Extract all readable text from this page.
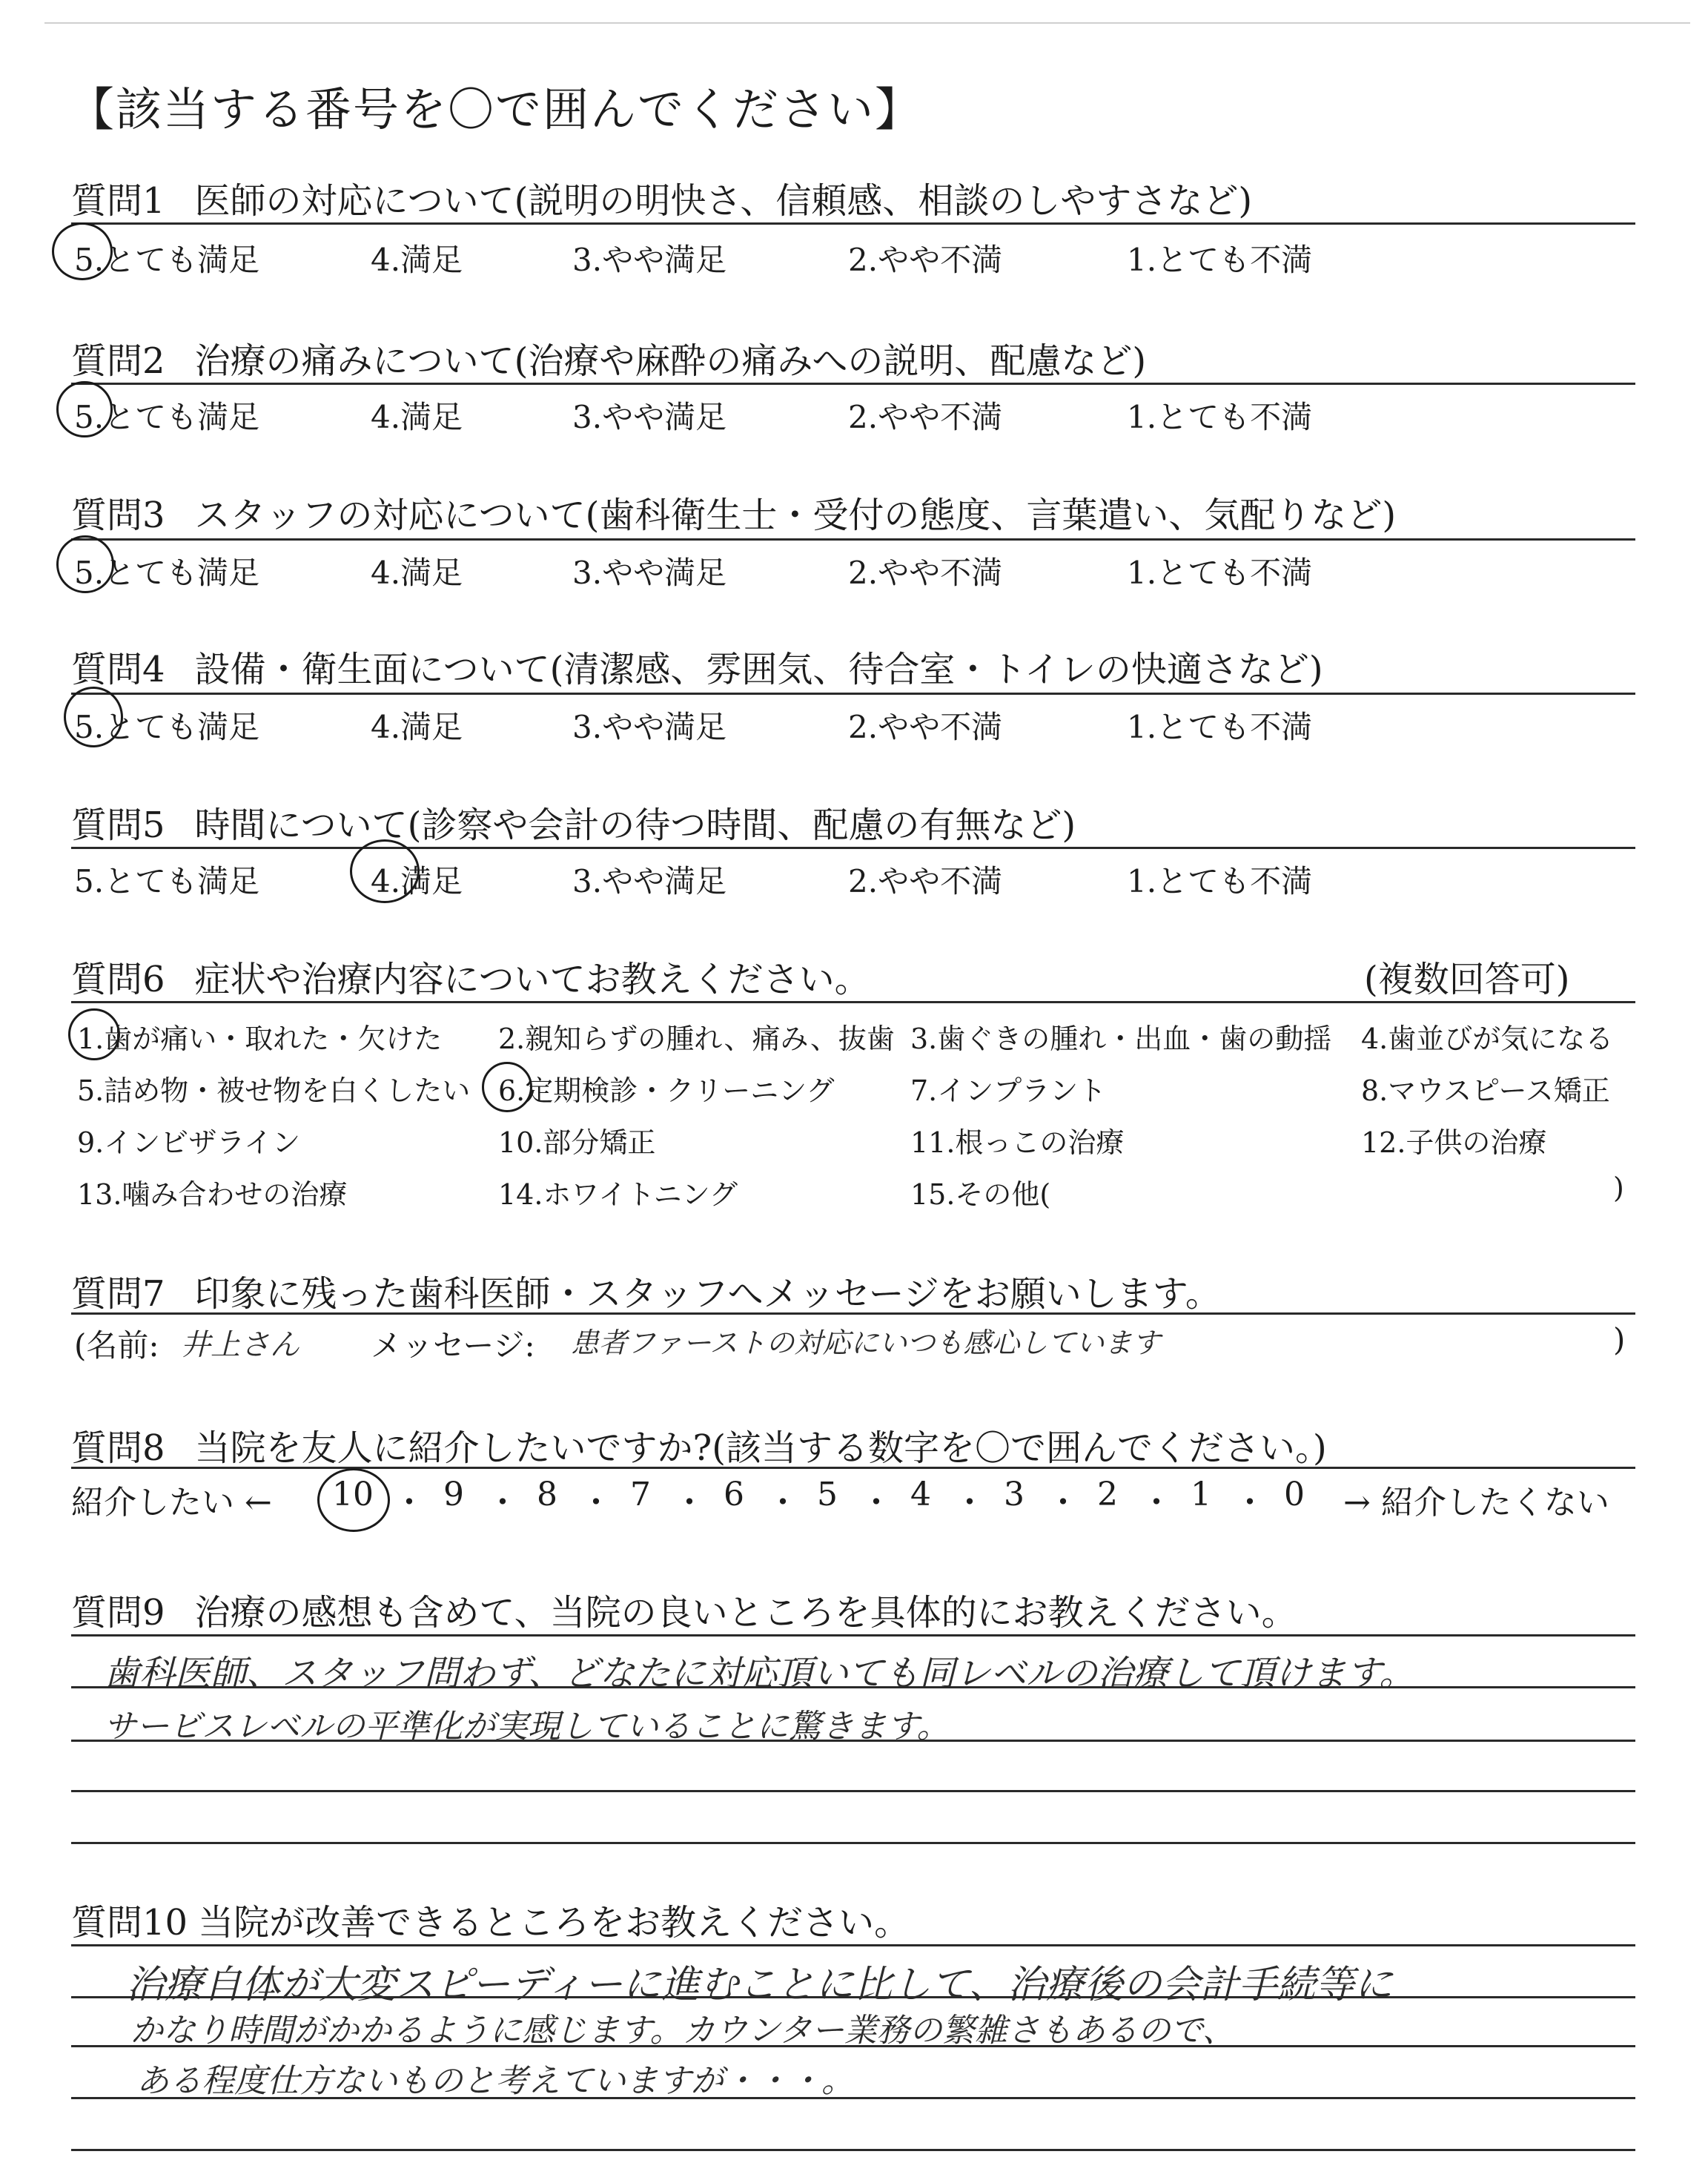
【該当する番号を〇で囲んでください】
質問1 医師の対応について(説明の明快さ、信頼感、相談のしやすさなど)
5.とても満足	4.満足	3.やや満足	2.やや不満	1.とても不満
質問2 治療の痛みについて(治療や麻酔の痛みへの説明、配慮など)
5.とても満足	4.満足	3.やや満足	2.やや不満	1.とても不満
質問3 スタッフの対応について(歯科衛生士・受付の態度、言葉遣い、気配りなど)
5.とても満足	4.満足	3.やや満足	2.やや不満	1.とても不満
質問4 設備・衛生面について(清潔感、雰囲気、待合室・トイレの快適さなど)
5.とても満足	4.満足	3.やや満足	2.やや不満	1.とても不満
質問5 時間について(診察や会計の待つ時間、配慮の有無など)
5.とても満足	4.満足	3.やや満足	2.やや不満	1.とても不満
質問6 症状や治療内容についてお教えください。	(複数回答可)
1.歯が痛い・取れた・欠けた 2.親知らずの腫れ、痛み、抜歯 3.歯ぐきの腫れ・出血・歯の動揺 4.歯並びが気になる
5.詰め物・被せ物を白くしたい 6.定期検診・クリーニング	7.インプラント	8.マウスピース矯正
9.インビザライン	10.部分矯正	11.根っこの治療	12.子供の治療
13.噛み合わせの治療	14.ホワイトニング	15.その他(	)
質問7 印象に残った歯科医師・スタッフへメッセージをお願いします。
(名前: 井上さん メッセージ: 患者ファーストの対応にいつも感心しています	)
質問8 当院を友人に紹介したいですか?(該当する数字を〇で囲んでください。)
紹介したい ←	→ 紹介したくない
10 ・ 9 ・ 8 ・ 7 ・ 6 ・ 5 ・ 4 ・ 3 ・ 2 ・ 1 ・ 0
質問9 治療の感想も含めて、当院の良いところを具体的にお教えください。
歯科医師、スタッフ問わず、どなたに対応頂いても同レベルの治療して頂けます。
サービスレベルの平準化が実現していることに驚きます。
質問10 当院が改善できるところをお教えください。
治療自体が大変スピーディーに進むことに比して、治療後の会計手続等に
かなり時間がかかるように感じます。カウンター業務の繁雑さもあるので、
ある程度仕方ないものと考えていますが・・・。
